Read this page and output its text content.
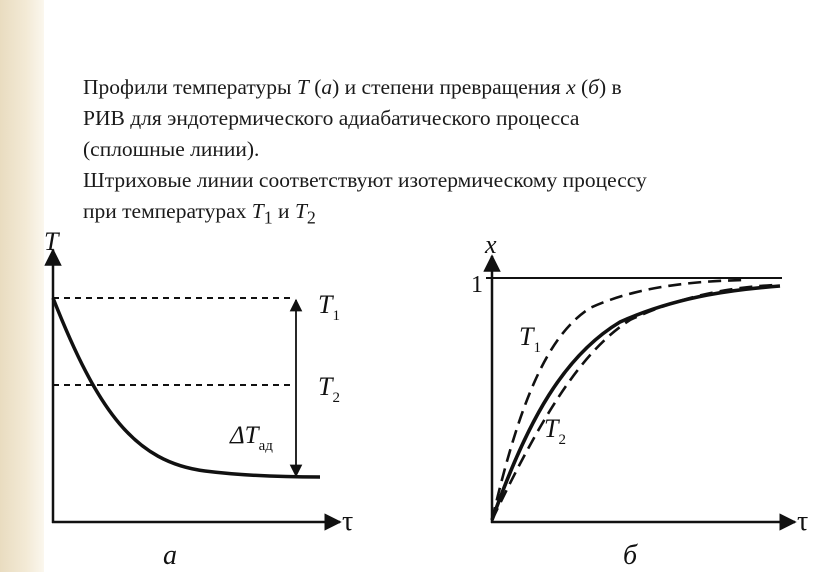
Профили температуры T (а) и степени превращения x (б) в
РИВ для эндотермического адиабатического процесса
(сплошные линии).
Штриховые линии соответствуют изотермическому процессу
при температурах $T_1$ и $T_2$
T
τ
T1
T2
ΔTад
а
x
τ
1
T1
T2
б
